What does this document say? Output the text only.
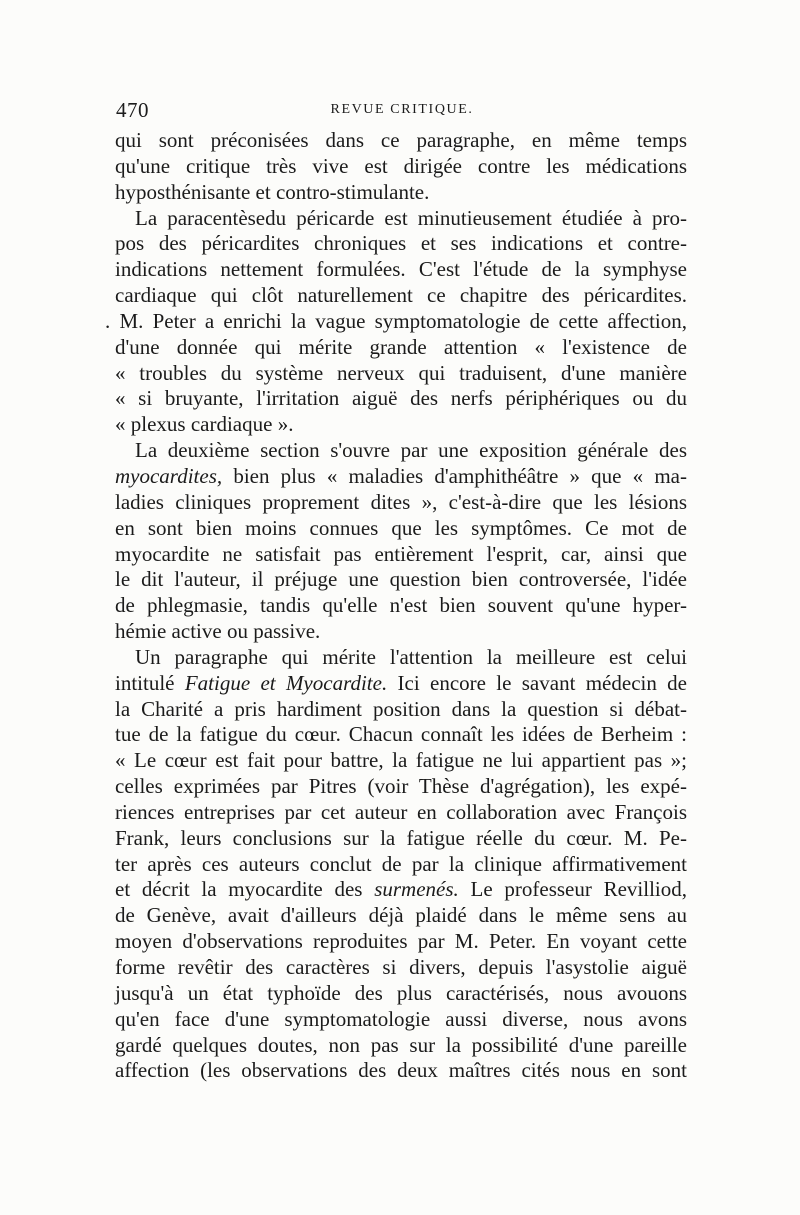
470	REVUE CRITIQUE.
qui sont préconisées dans ce paragraphe, en même temps
qu'une critique très vive est dirigée contre les médications
hyposthénisante et contro-stimulante.
La paracentèsedu péricarde est minutieusement étudiée à pro-
pos des péricardites chroniques et ses indications et contre-
indications nettement formulées. C'est l'étude de la symphyse
cardiaque qui clôt naturellement ce chapitre des péricardites.
. M. Peter a enrichi la vague symptomatologie de cette affection,
d'une donnée qui mérite grande attention « l'existence de
« troubles du système nerveux qui traduisent, d'une manière
« si bruyante, l'irritation aiguë des nerfs périphériques ou du
« plexus cardiaque ».
La deuxième section s'ouvre par une exposition générale des
myocardites, bien plus « maladies d'amphithéâtre » que « ma-
ladies cliniques proprement dites », c'est-à-dire que les lésions
en sont bien moins connues que les symptômes. Ce mot de
myocardite ne satisfait pas entièrement l'esprit, car, ainsi que
le dit l'auteur, il préjuge une question bien controversée, l'idée
de phlegmasie, tandis qu'elle n'est bien souvent qu'une hyper-
hémie active ou passive.
Un paragraphe qui mérite l'attention la meilleure est celui
intitulé Fatigue et Myocardite. Ici encore le savant médecin de
la Charité a pris hardiment position dans la question si débat-
tue de la fatigue du cœur. Chacun connaît les idées de Berheim :
« Le cœur est fait pour battre, la fatigue ne lui appartient pas »;
celles exprimées par Pitres (voir Thèse d'agrégation), les expé-
riences entreprises par cet auteur en collaboration avec François
Frank, leurs conclusions sur la fatigue réelle du cœur. M. Pe-
ter après ces auteurs conclut de par la clinique affirmativement
et décrit la myocardite des surmenés. Le professeur Revilliod,
de Genève, avait d'ailleurs déjà plaidé dans le même sens au
moyen d'observations reproduites par M. Peter. En voyant cette
forme revêtir des caractères si divers, depuis l'asystolie aiguë
jusqu'à un état typhoïde des plus caractérisés, nous avouons
qu'en face d'une symptomatologie aussi diverse, nous avons
gardé quelques doutes, non pas sur la possibilité d'une pareille
affection (les observations des deux maîtres cités nous en sont
